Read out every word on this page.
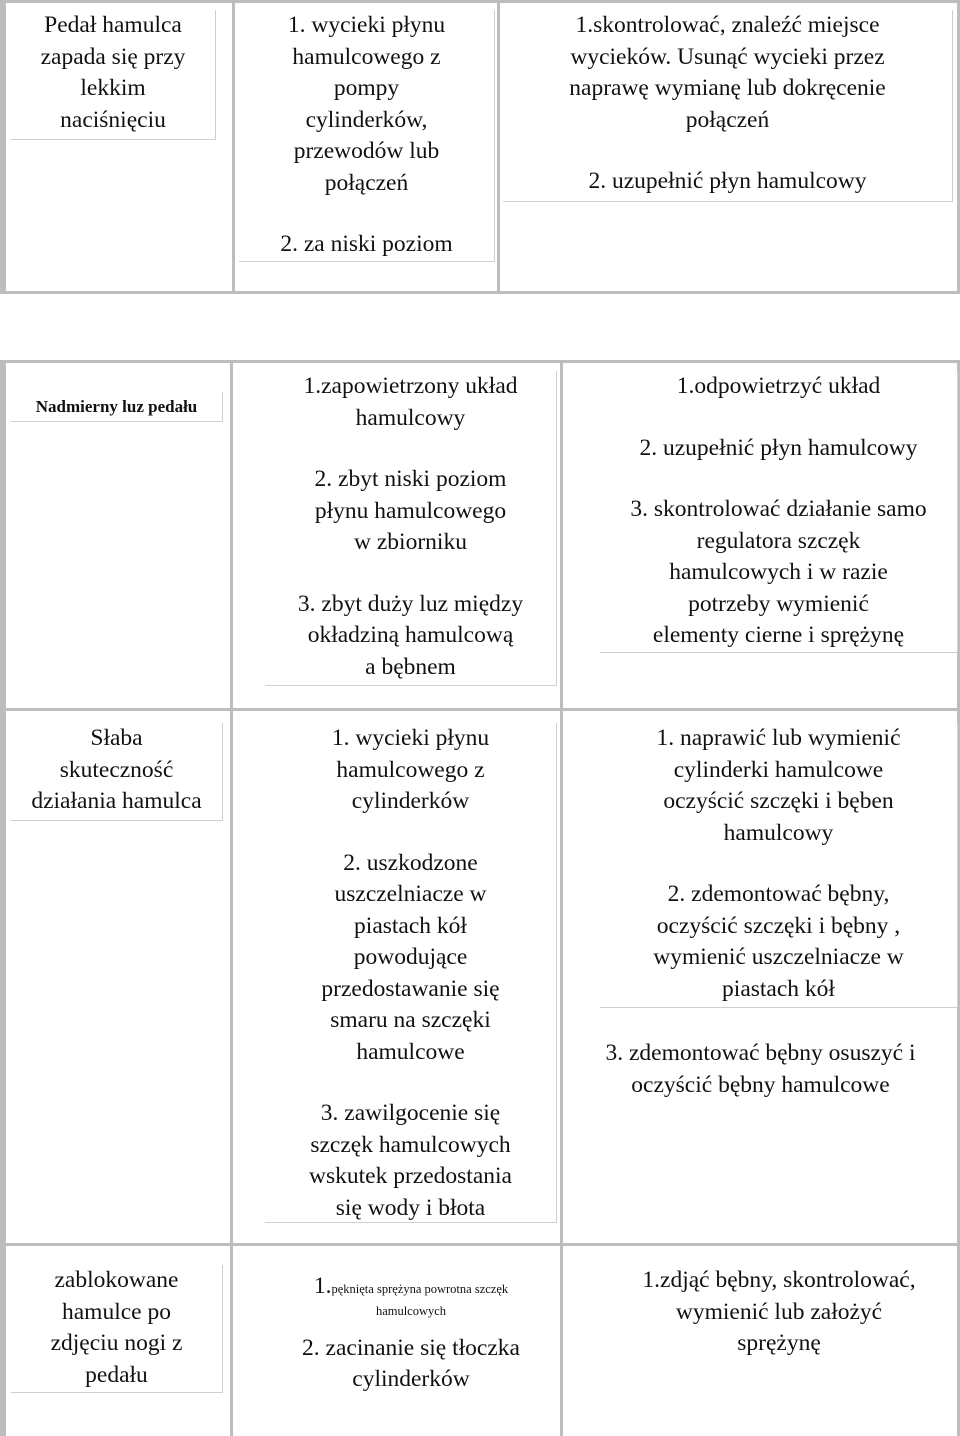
Pedał hamulca

zapada się przy

lekkim

naciśnięciu

1. wycieki płynu

hamulcowego z

pompy

cylinderków,

przewodów lub

połączeń

2. za niski poziom

1.skontrolować, znaleźć miejsce

wycieków. Usunąć wycieki przez

naprawę wymianę lub dokręcenie

połączeń

2. uzupełnić płyn hamulcowy

Nadmierny luz pedału

1.zapowietrzony układ

hamulcowy

2. zbyt niski poziom

płynu hamulcowego

w zbiorniku

3. zbyt duży luz między

okładziną hamulcową

a bębnem

1.odpowietrzyć układ

2. uzupełnić płyn hamulcowy

3. skontrolować działanie samo

regulatora szczęk

hamulcowych i w razie

potrzeby wymienić

elementy cierne i sprężynę

Słaba

skuteczność

działania hamulca

1. wycieki płynu

hamulcowego z

cylinderków

2. uszkodzone

uszczelniacze w

piastach kół

powodujące

przedostawanie się

smaru na szczęki

hamulcowe

3. zawilgocenie się

szczęk hamulcowych

wskutek przedostania

się wody i błota

1. naprawić lub wymienić

cylinderki hamulcowe

oczyścić szczęki i bęben

hamulcowy

2. zdemontować bębny,

oczyścić szczęki i bębny ,

wymienić uszczelniacze w

piastach kół

3. zdemontować bębny osuszyć i

oczyścić bębny hamulcowe

zablokowane

hamulce po

zdjęciu nogi z

pedału

1.pęknięta sprężyna powrotna szczęk

hamulcowych

2. zacinanie się tłoczka

cylinderków

1.zdjąć bębny, skontrolować,

wymienić lub założyć

sprężynę
